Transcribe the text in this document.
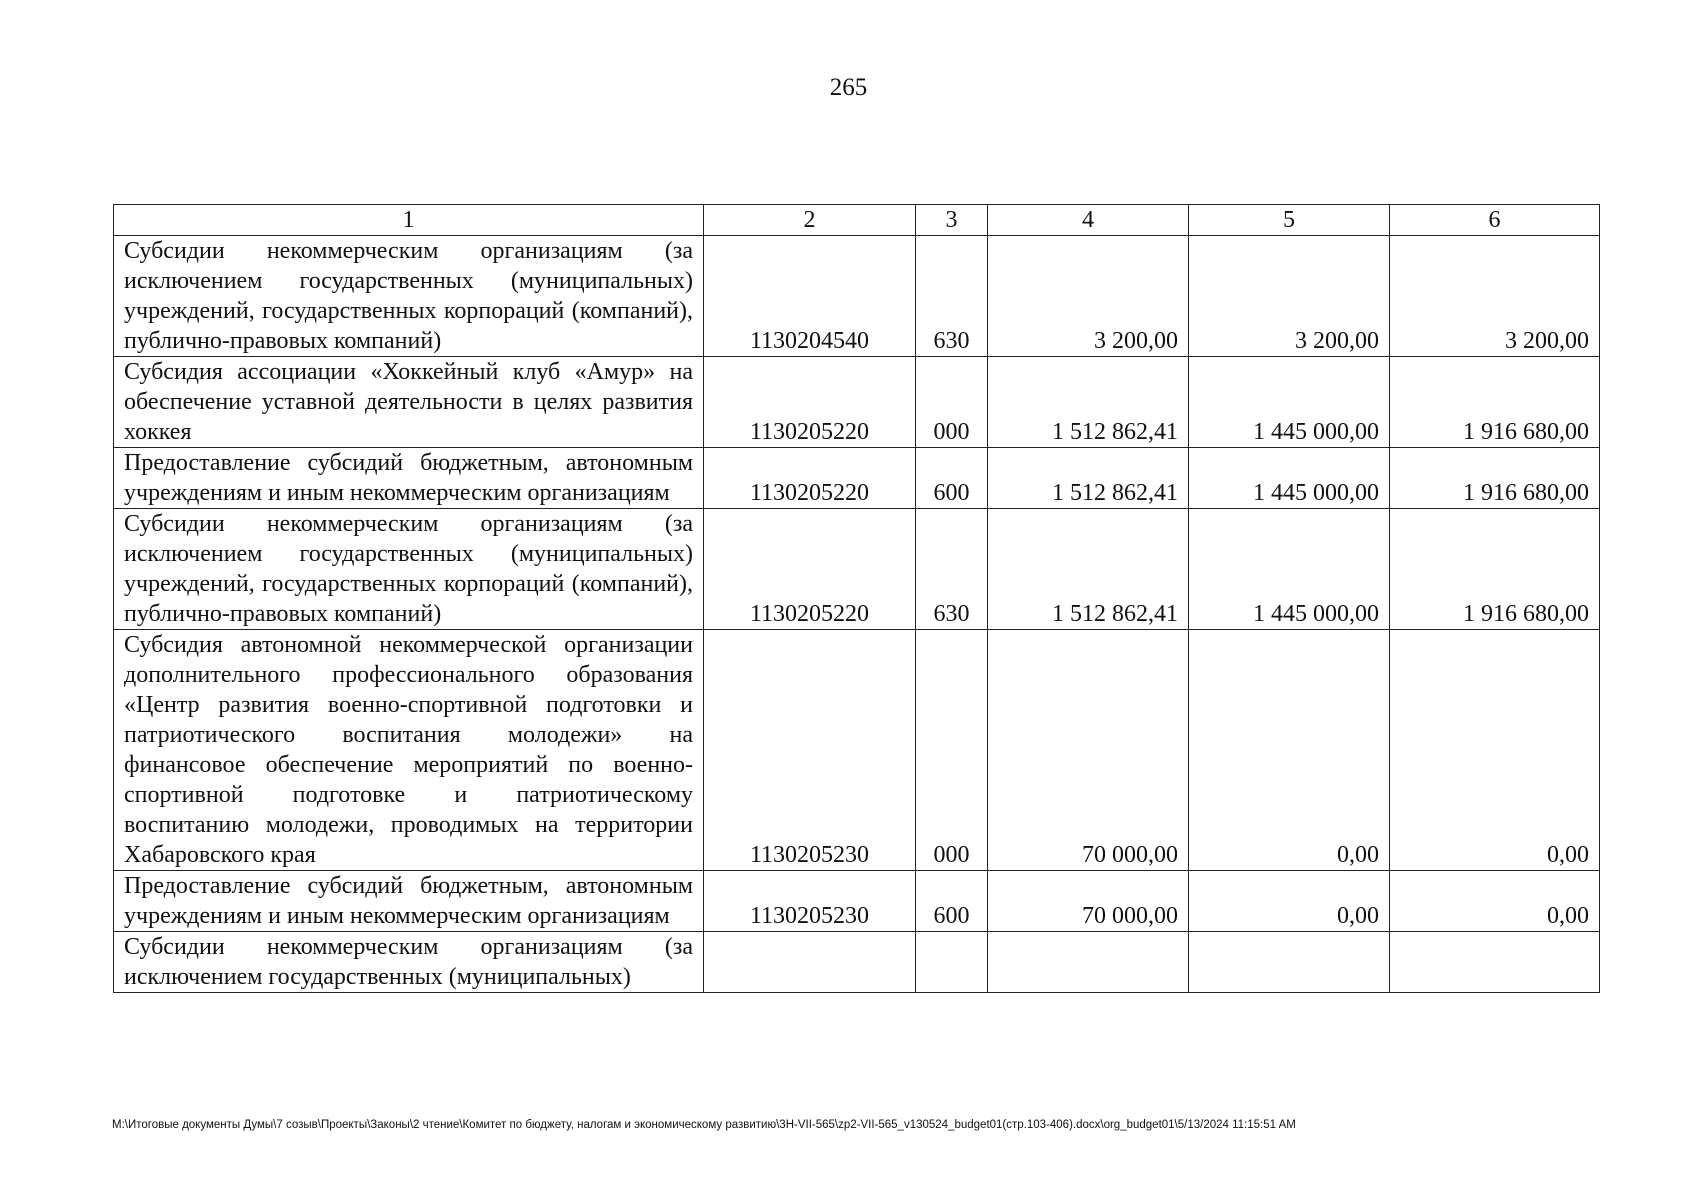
265
1	2	3	4	5	6
Субсидии некоммерческим организациям (за исключением государственных (муниципальных) учреждений, государственных корпораций (компаний), публично-правовых компаний)	1130204540	630	3 200,00	3 200,00	3 200,00
Субсидия ассоциации «Хоккейный клуб «Амур» на обеспечение уставной деятельности в целях развития хоккея	1130205220	000	1 512 862,41	1 445 000,00	1 916 680,00
Предоставление субсидий бюджетным, автономным учреждениям и иным некоммерческим организациям	1130205220	600	1 512 862,41	1 445 000,00	1 916 680,00
Субсидии некоммерческим организациям (за исключением государственных (муниципальных) учреждений, государственных корпораций (компаний), публично-правовых компаний)	1130205220	630	1 512 862,41	1 445 000,00	1 916 680,00
Субсидия автономной некоммерческой организации дополнительного профессионального образования «Центр развития военно-спортивной подготовки и патриотического воспитания молодежи» на финансовое обеспечение мероприятий по военно-спортивной подготовке и патриотическому воспитанию молодежи, проводимых на территории Хабаровского края	1130205230	000	70 000,00	0,00	0,00
Предоставление субсидий бюджетным, автономным учреждениям и иным некоммерческим организациям	1130205230	600	70 000,00	0,00	0,00
Субсидии некоммерческим организациям (за исключением государственных (муниципальных)					
M:\Итоговые документы Думы\7 созыв\Проекты\Законы\2 чтение\Комитет по бюджету, налогам и экономическому развитию\3Н-VII-565\zp2-VII-565_v130524_budget01(стр.103-406).docx\org_budget01\5/13/2024 11:15:51 AM
